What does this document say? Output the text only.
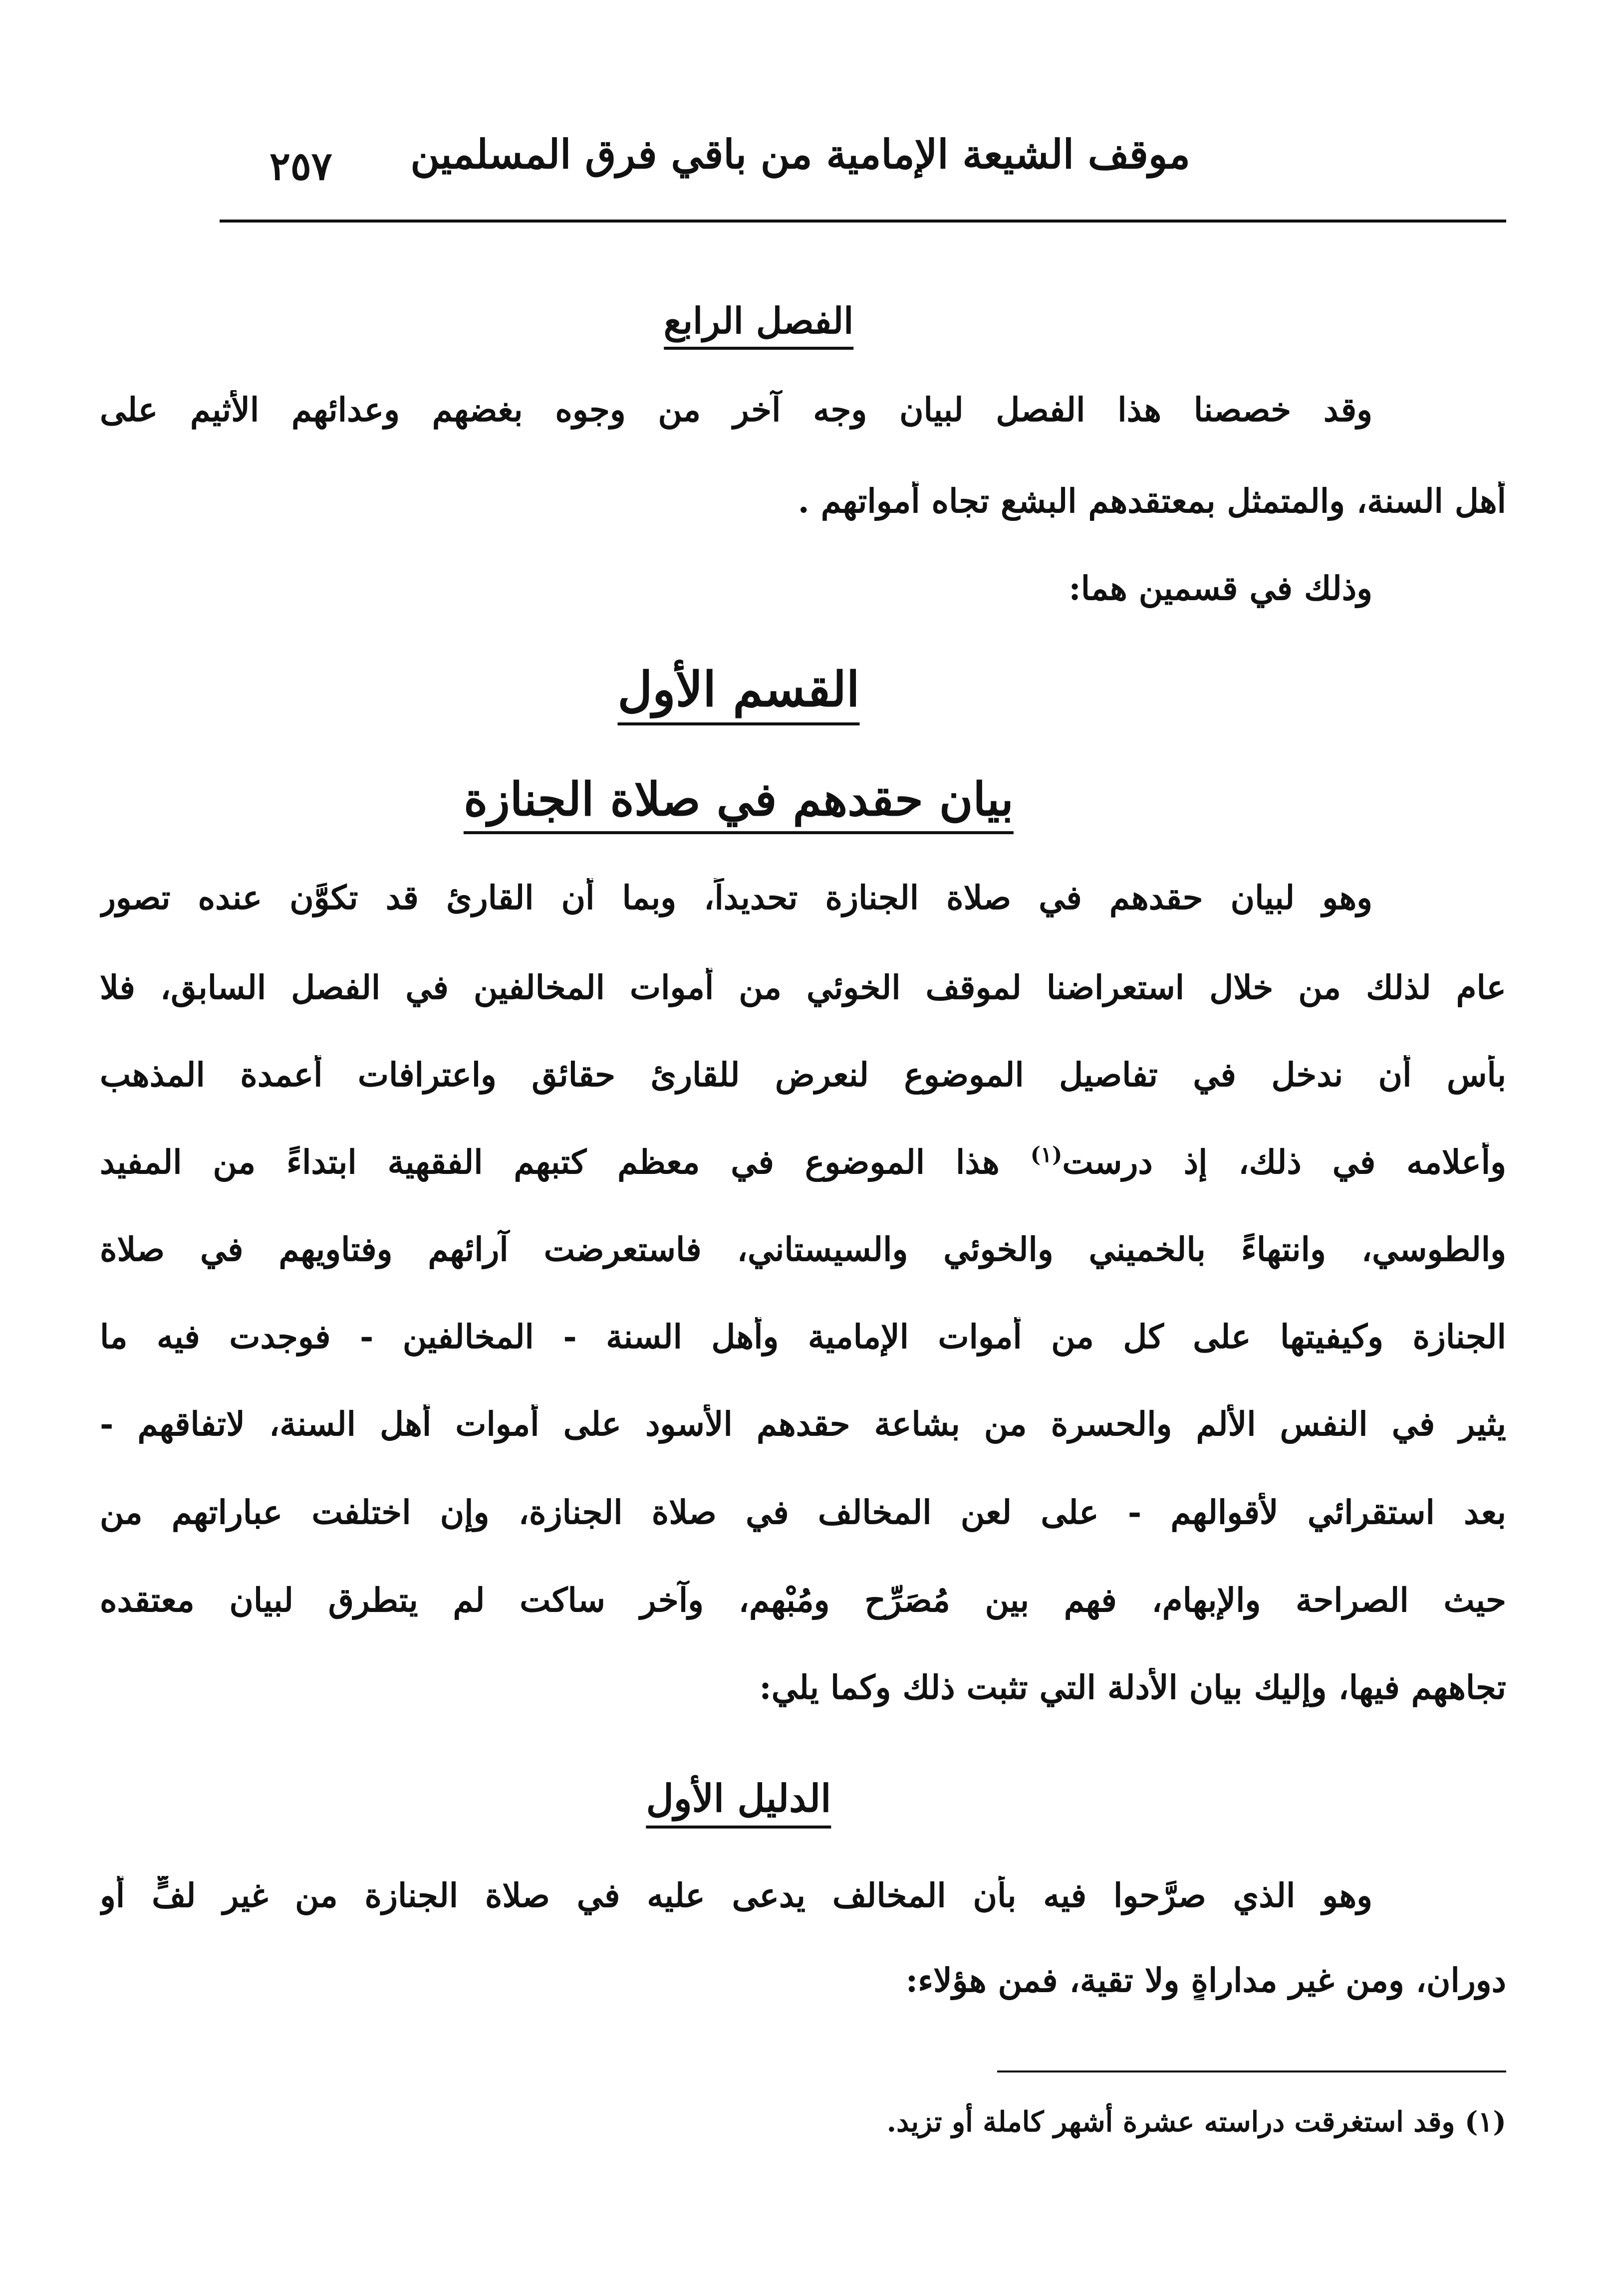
موقف الشيعة الإمامية من باقي فرق المسلمين
٢٥٧
الفصل الرابع
وقد خصصنا هذا الفصل لبيان وجه آخر من وجوه بغضهم وعدائهم الأثيم على
أهل السنة، والمتمثل بمعتقدهم البشع تجاه أمواتهم .
وذلك في قسمين هما:
القسم الأول
بيان حقدهم في صلاة الجنازة
وهو لبيان حقدهم في صلاة الجنازة تحديداً، وبما أن القارئ قد تكوَّن عنده تصور
عام لذلك من خلال استعراضنا لموقف الخوئي من أموات المخالفين في الفصل السابق، فلا
بأس أن ندخل في تفاصيل الموضوع لنعرض للقارئ حقائق واعترافات أعمدة المذهب
وأعلامه في ذلك، إذ درست$^{(١)}$ هذا الموضوع في معظم كتبهم الفقهية ابتداءً من المفيد
والطوسي، وانتهاءً بالخميني والخوئي والسيستاني، فاستعرضت آرائهم وفتاويهم في صلاة
الجنازة وكيفيتها على كل من أموات الإمامية وأهل السنة - المخالفين - فوجدت فيه ما
يثير في النفس الألم والحسرة من بشاعة حقدهم الأسود على أموات أهل السنة، لاتفاقهم -
بعد استقرائي لأقوالهم - على لعن المخالف في صلاة الجنازة، وإن اختلفت عباراتهم من
حيث الصراحة والإبهام، فهم بين مُصَرِّح ومُبْهِم، وآخر ساكت لم يتطرق لبيان معتقده
تجاههم فيها، وإليك بيان الأدلة التي تثبت ذلك وكما يلي:
الدليل الأول
وهو الذي صرَّحوا فيه بأن المخالف يدعى عليه في صلاة الجنازة من غير لفٍّ أو
دوران، ومن غير مداراةٍ ولا تقية، فمن هؤلاء:
(١) وقد استغرقت دراسته عشرة أشهر كاملة أو تزيد.
